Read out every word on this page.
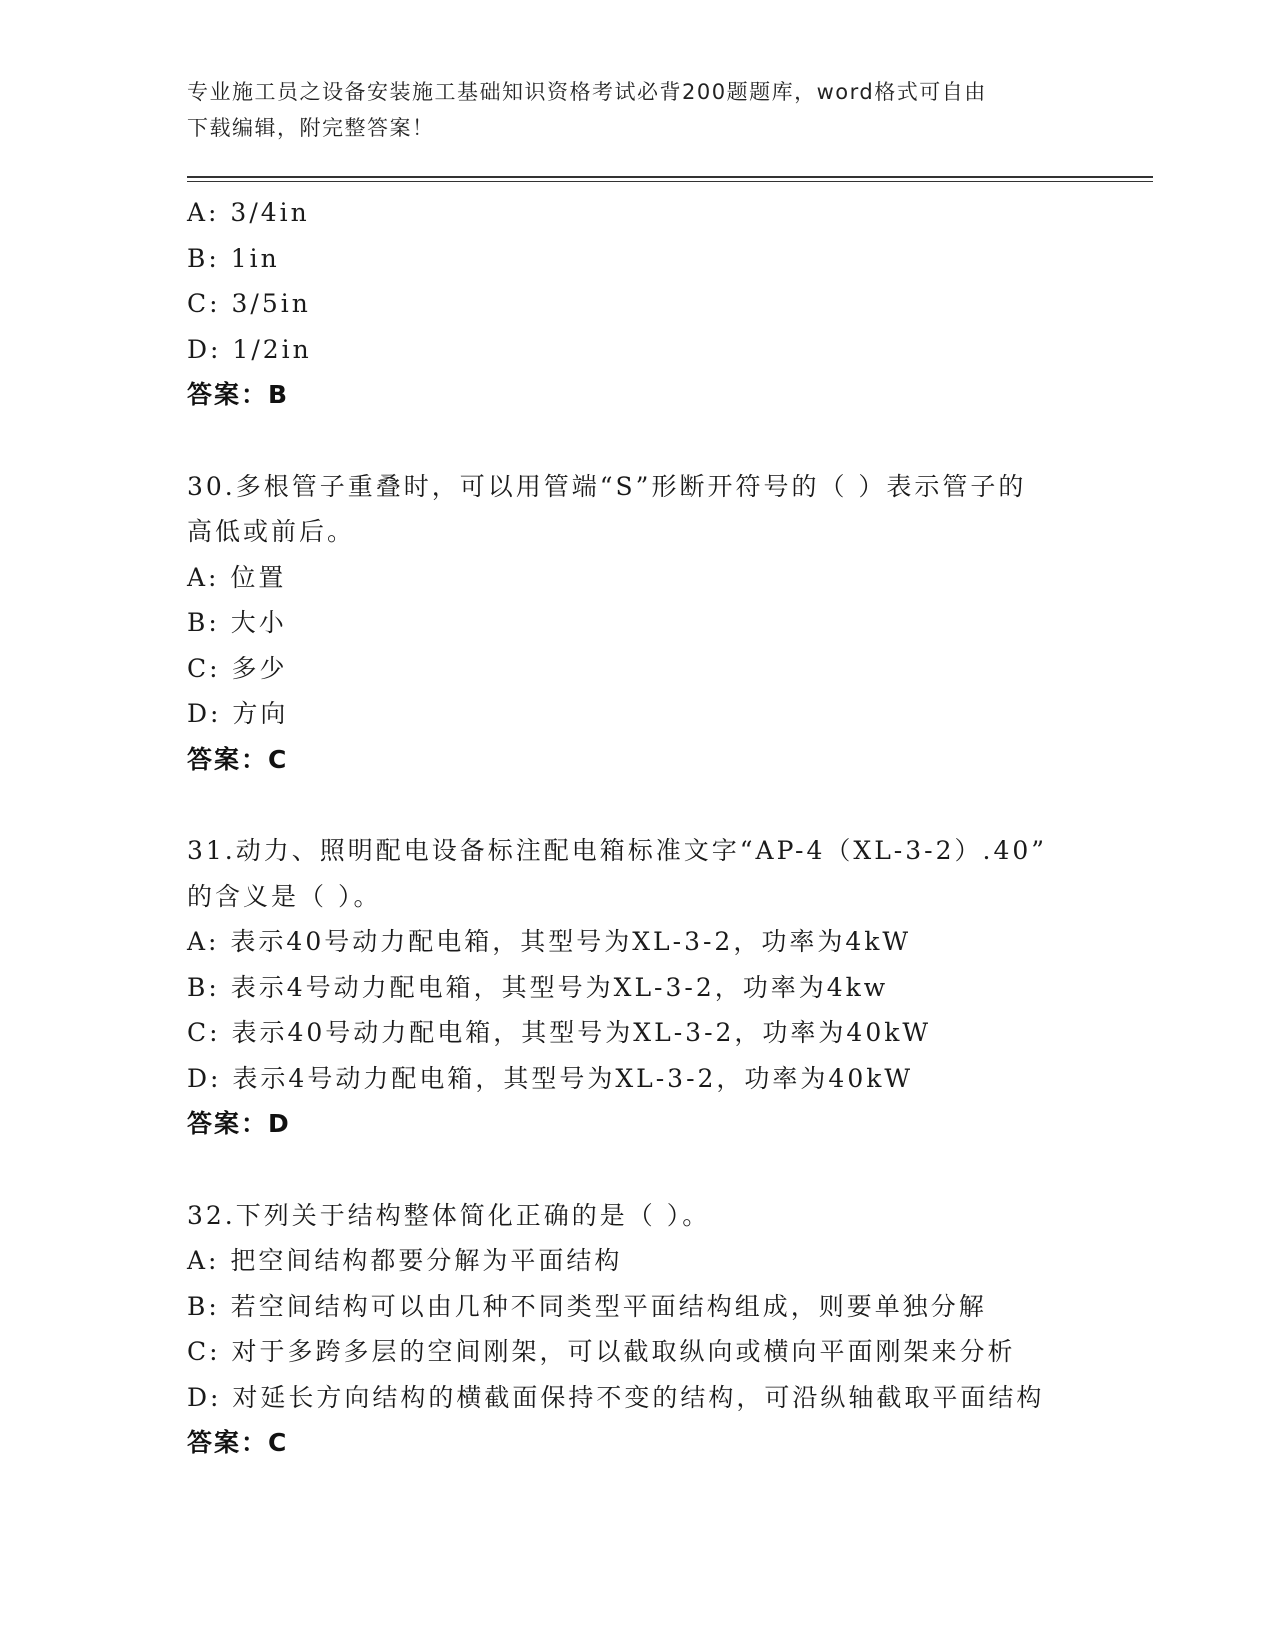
专业施工员之设备安装施工基础知识资格考试必背200题题库，word格式可自由
下载编辑，附完整答案！
A: 3/4in
B: 1in
C: 3/5in
D: 1/2in
答案：B
30.多根管子重叠时，可以用管端“S”形断开符号的（ ）表示管子的
高低或前后。
A: 位置
B: 大小
C: 多少
D: 方向
答案：C
31.动力、照明配电设备标注配电箱标准文字“AP-4（XL-3-2）.40”
的含义是（ ）。
A: 表示40号动力配电箱，其型号为XL-3-2，功率为4kW
B: 表示4号动力配电箱，其型号为XL-3-2，功率为4kw
C: 表示40号动力配电箱，其型号为XL-3-2，功率为40kW
D: 表示4号动力配电箱，其型号为XL-3-2，功率为40kW
答案：D
32.下列关于结构整体简化正确的是（ ）。
A: 把空间结构都要分解为平面结构
B: 若空间结构可以由几种不同类型平面结构组成，则要单独分解
C: 对于多跨多层的空间刚架，可以截取纵向或横向平面刚架来分析
D: 对延长方向结构的横截面保持不变的结构，可沿纵轴截取平面结构
答案：C
